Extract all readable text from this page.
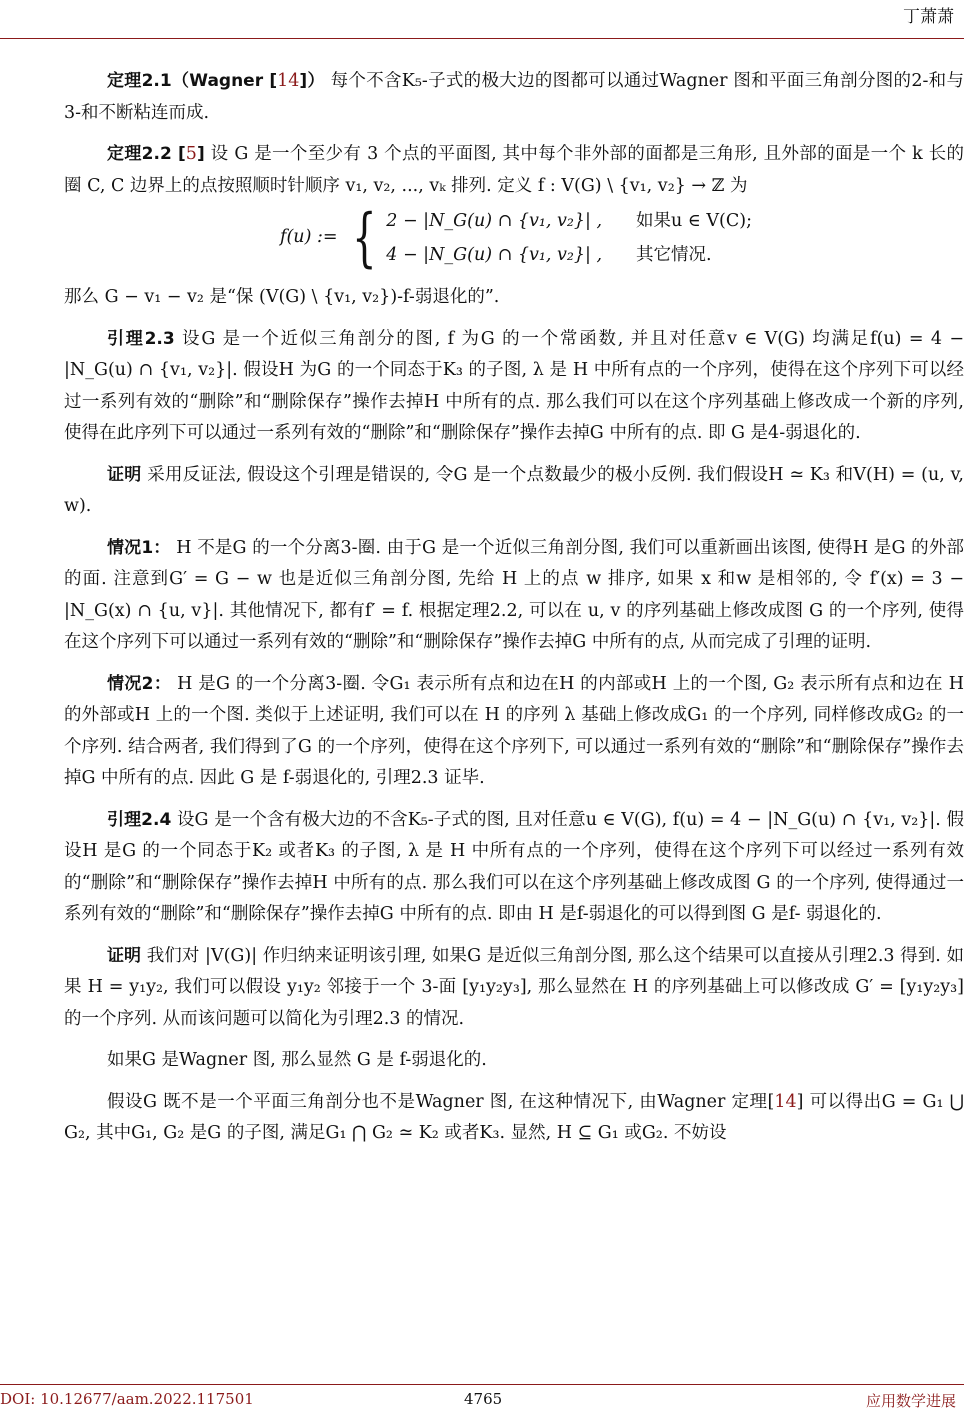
丁萧萧

定理2.1（Wagner [14]） 每个不含K₅-子式的极大边的图都可以通过Wagner 图和平面三角剖分图的2-和与 3-和不断粘连而成.

定理2.2 [5] 设 G 是一个至少有 3 个点的平面图, 其中每个非外部的面都是三角形, 且外部的面是一个 k 长的圈 C, C 边界上的点按照顺时针顺序 v₁, v₂, ..., vₖ 排列. 定义 f : V(G) \ {v₁, v₂} → ℤ 为

f(u) := { 2 − |N_G(u) ∩ {v₁, v₂}| , 如果u ∈ V(C);
4 − |N_G(u) ∩ {v₁, v₂}| , 其它情况.

那么 G − v₁ − v₂ 是“保 (V(G) \ {v₁, v₂})-f-弱退化的”.

引理2.3 设G 是一个近似三角剖分的图, f 为G 的一个常函数, 并且对任意v ∈ V(G) 均满足f(u) = 4 − |N_G(u) ∩ {v₁, v₂}|. 假设H 为G 的一个同态于K₃ 的子图, λ 是 H 中所有点的一个序列，使得在这个序列下可以经过一系列有效的“删除”和“删除保存”操作去掉H 中所有的点. 那么我们可以在这个序列基础上修改成一个新的序列, 使得在此序列下可以通过一系列有效的“删除”和“删除保存”操作去掉G 中所有的点. 即 G 是4-弱退化的.

证明 采用反证法, 假设这个引理是错误的, 令G 是一个点数最少的极小反例. 我们假设H ≃ K₃ 和V(H) = (u, v, w).

情况1： H 不是G 的一个分离3-圈. 由于G 是一个近似三角剖分图, 我们可以重新画出该图, 使得H 是G 的外部的面. 注意到G′ = G − w 也是近似三角剖分图, 先给 H 上的点 w 排序, 如果 x 和w 是相邻的, 令 f′(x) = 3 − |N_G(x) ∩ {u, v}|. 其他情况下, 都有f′ = f. 根据定理2.2, 可以在 u, v 的序列基础上修改成图 G 的一个序列, 使得在这个序列下可以通过一系列有效的“删除”和“删除保存”操作去掉G 中所有的点, 从而完成了引理的证明.

情况2： H 是G 的一个分离3-圈. 令G₁ 表示所有点和边在H 的内部或H 上的一个图, G₂ 表示所有点和边在 H 的外部或H 上的一个图. 类似于上述证明, 我们可以在 H 的序列 λ 基础上修改成G₁ 的一个序列, 同样修改成G₂ 的一个序列. 结合两者, 我们得到了G 的一个序列，使得在这个序列下, 可以通过一系列有效的“删除”和“删除保存”操作去掉G 中所有的点. 因此 G 是 f-弱退化的, 引理2.3 证毕.

引理2.4 设G 是一个含有极大边的不含K₅-子式的图, 且对任意u ∈ V(G), f(u) = 4 − |N_G(u) ∩ {v₁, v₂}|. 假设H 是G 的一个同态于K₂ 或者K₃ 的子图, λ 是 H 中所有点的一个序列，使得在这个序列下可以经过一系列有效的“删除”和“删除保存”操作去掉H 中所有的点. 那么我们可以在这个序列基础上修改成图 G 的一个序列, 使得通过一系列有效的“删除”和“删除保存”操作去掉G 中所有的点. 即由 H 是f-弱退化的可以得到图 G 是f- 弱退化的.

证明 我们对 |V(G)| 作归纳来证明该引理, 如果G 是近似三角剖分图, 那么这个结果可以直接从引理2.3 得到. 如果 H = y₁y₂, 我们可以假设 y₁y₂ 邻接于一个 3-面 [y₁y₂y₃], 那么显然在 H 的序列基础上可以修改成 G′ = [y₁y₂y₃] 的一个序列. 从而该问题可以简化为引理2.3 的情况.

如果G 是Wagner 图, 那么显然 G 是 f-弱退化的.

假设G 既不是一个平面三角剖分也不是Wagner 图, 在这种情况下, 由Wagner 定理[14] 可以得出G = G₁ ⋃ G₂, 其中G₁, G₂ 是G 的子图, 满足G₁ ⋂ G₂ ≃ K₂ 或者K₃. 显然, H ⊆ G₁ 或G₂. 不妨设

DOI: 10.12677/aam.2022.117501	4765	应用数学进展
